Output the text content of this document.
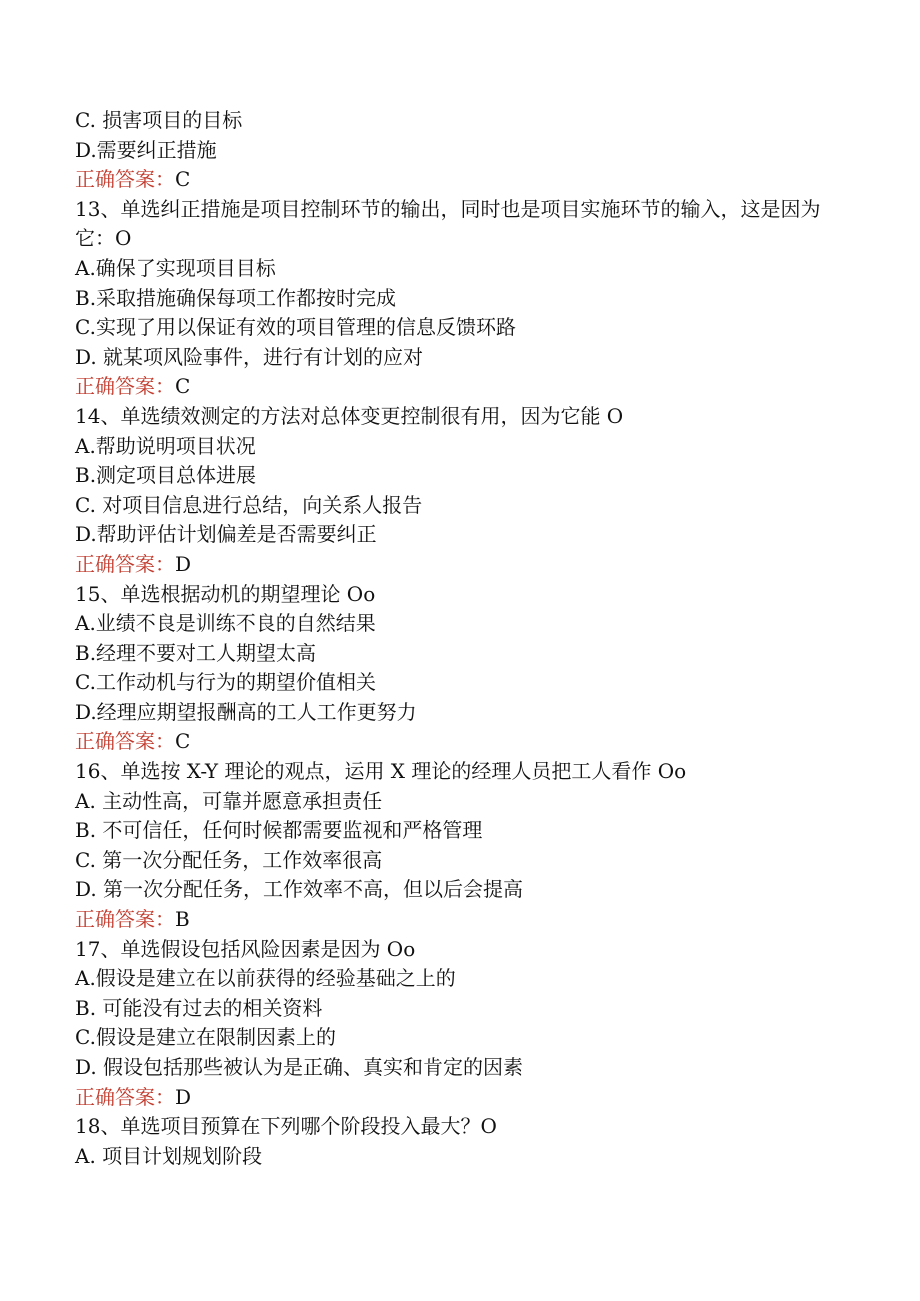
C. 损害项目的目标
D.需要纠正措施
正确答案：C
13、单选纠正措施是项目控制环节的输出，同时也是项目实施环节的输入，这是因为它：O
A.确保了实现项目目标
B.采取措施确保每项工作都按时完成
C.实现了用以保证有效的项目管理的信息反馈环路
D. 就某项风险事件，进行有计划的应对
正确答案：C
14、单选绩效测定的方法对总体变更控制很有用，因为它能 O
A.帮助说明项目状况
B.测定项目总体进展
C. 对项目信息进行总结，向关系人报告
D.帮助评估计划偏差是否需要纠正
正确答案：D
15、单选根据动机的期望理论 Oo
A.业绩不良是训练不良的自然结果
B.经理不要对工人期望太高
C.工作动机与行为的期望价值相关
D.经理应期望报酬高的工人工作更努力
正确答案：C
16、单选按 X-Y 理论的观点，运用 X 理论的经理人员把工人看作 Oo
A. 主动性高，可靠并愿意承担责任
B. 不可信任，任何时候都需要监视和严格管理
C. 第一次分配任务，工作效率很高
D. 第一次分配任务，工作效率不高，但以后会提高
正确答案：B
17、单选假设包括风险因素是因为 Oo
A.假设是建立在以前获得的经验基础之上的
B. 可能没有过去的相关资料
C.假设是建立在限制因素上的
D. 假设包括那些被认为是正确、真实和肯定的因素
正确答案：D
18、单选项目预算在下列哪个阶段投入最大？O
A. 项目计划规划阶段
